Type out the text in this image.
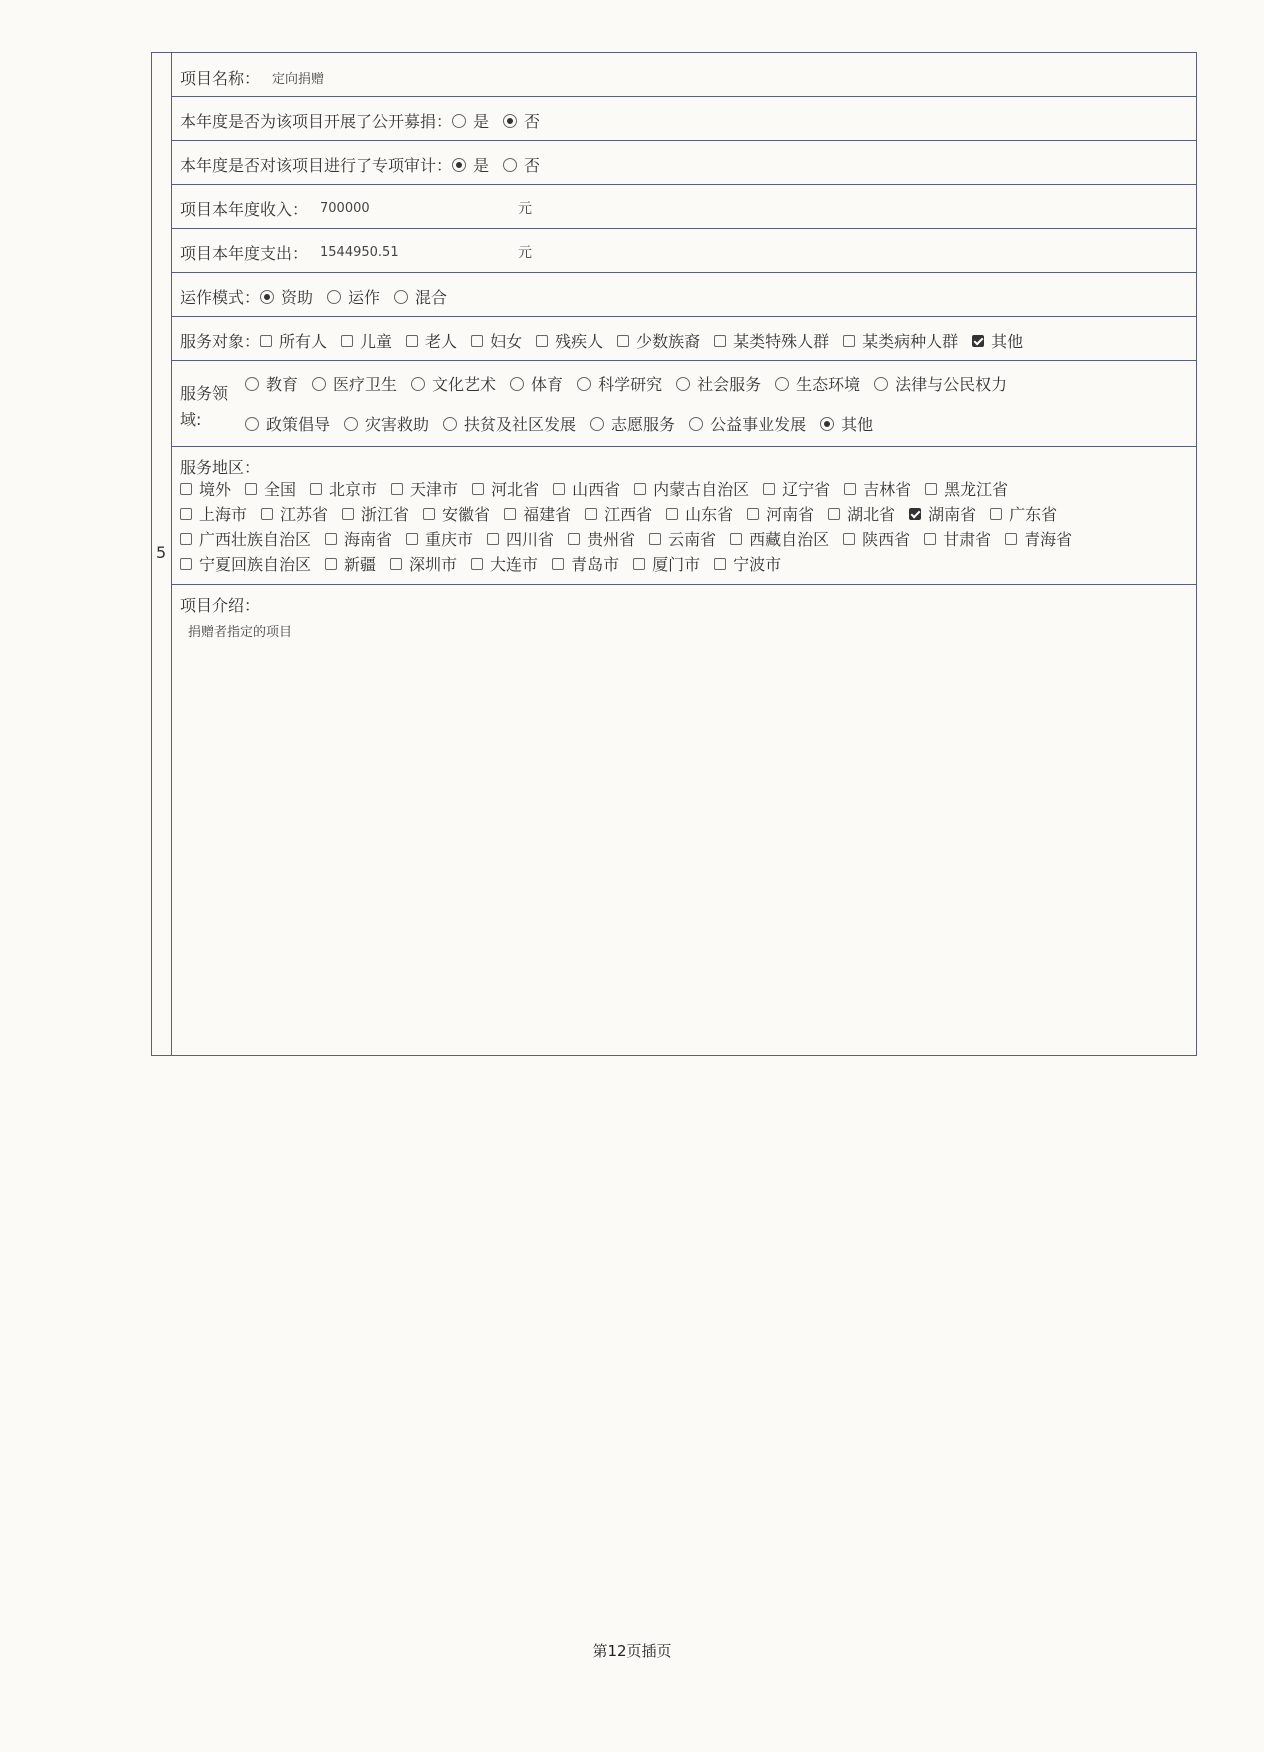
5
项目名称： 定向捐赠
本年度是否为该项目开展了公开募捐： 是 否
本年度是否对该项目进行了专项审计： 是 否
项目本年度收入： 700000	元
项目本年度支出： 1544950.51	元
运作模式： 资助 运作 混合
服务对象： 所有人 儿童 老人 妇女 残疾人 少数族裔 某类特殊人群 某类病种人群 其他
服务领
域:
教育 医疗卫生 文化艺术 体育 科学研究 社会服务 生态环境 法律与公民权力
政策倡导 灾害救助 扶贫及社区发展 志愿服务 公益事业发展 其他
服务地区：
境外 全国 北京市 天津市 河北省 山西省 内蒙古自治区 辽宁省 吉林省 黑龙江省
上海市 江苏省 浙江省 安徽省 福建省 江西省 山东省 河南省 湖北省 湖南省 广东省
广西壮族自治区 海南省 重庆市 四川省 贵州省 云南省 西藏自治区 陕西省 甘肃省 青海省
宁夏回族自治区 新疆 深圳市 大连市 青岛市 厦门市 宁波市
项目介绍：
捐赠者指定的项目
第12页插页
